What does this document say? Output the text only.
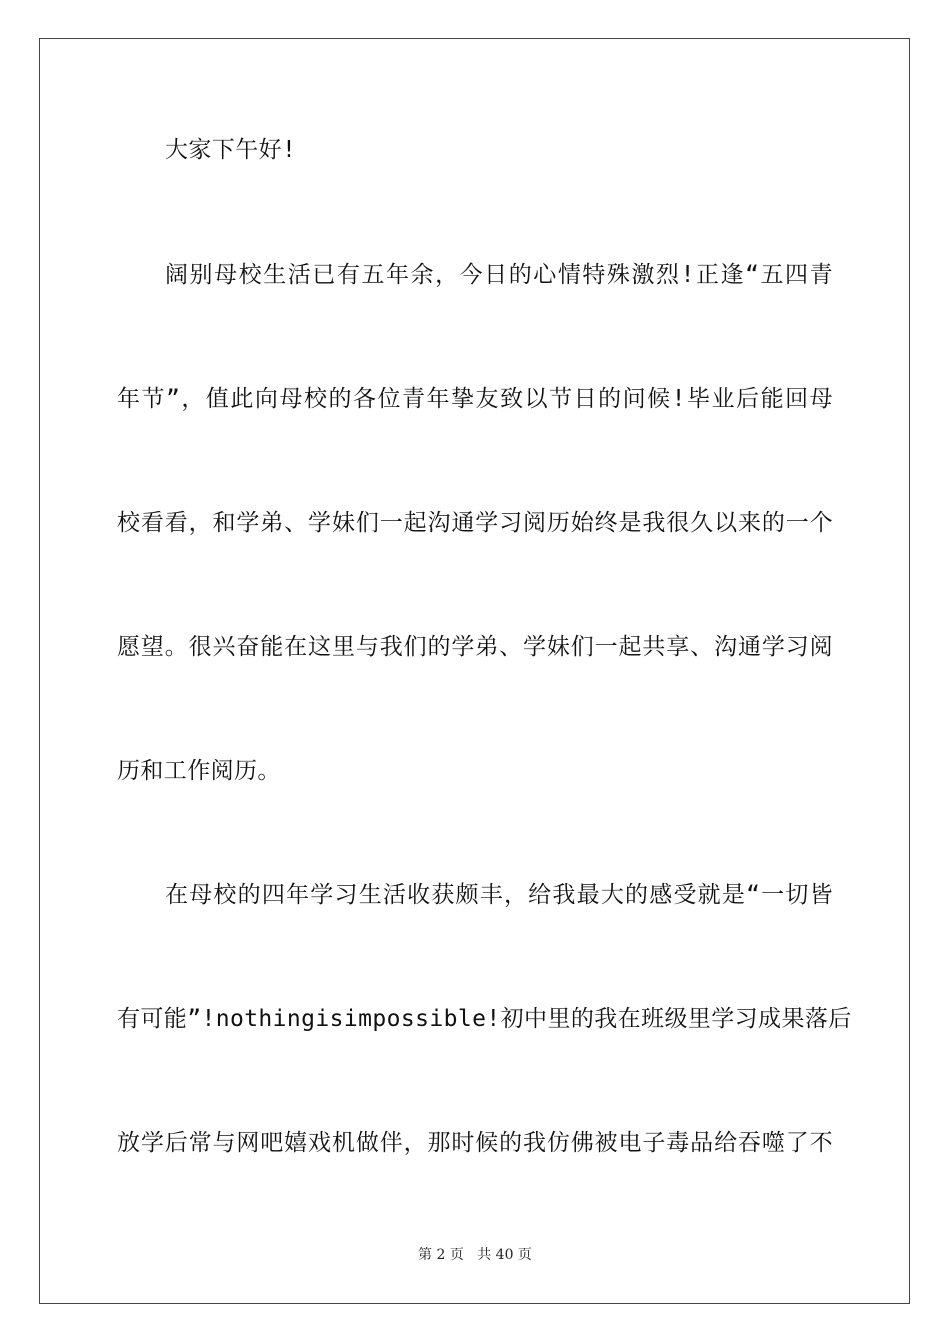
大家下午好!
阔别母校生活已有五年余，今日的心情特殊激烈!正逢“五四青
年节”，值此向母校的各位青年挚友致以节日的问候!毕业后能回母
校看看，和学弟、学妹们一起沟通学习阅历始终是我很久以来的一个
愿望。很兴奋能在这里与我们的学弟、学妹们一起共享、沟通学习阅
历和工作阅历。
在母校的四年学习生活收获颇丰，给我最大的感受就是“一切皆
有可能”!nothingisimpossible!初中里的我在班级里学习成果落后
放学后常与网吧嬉戏机做伴，那时候的我仿佛被电子毒品给吞噬了不
第 2 页 共 40 页
